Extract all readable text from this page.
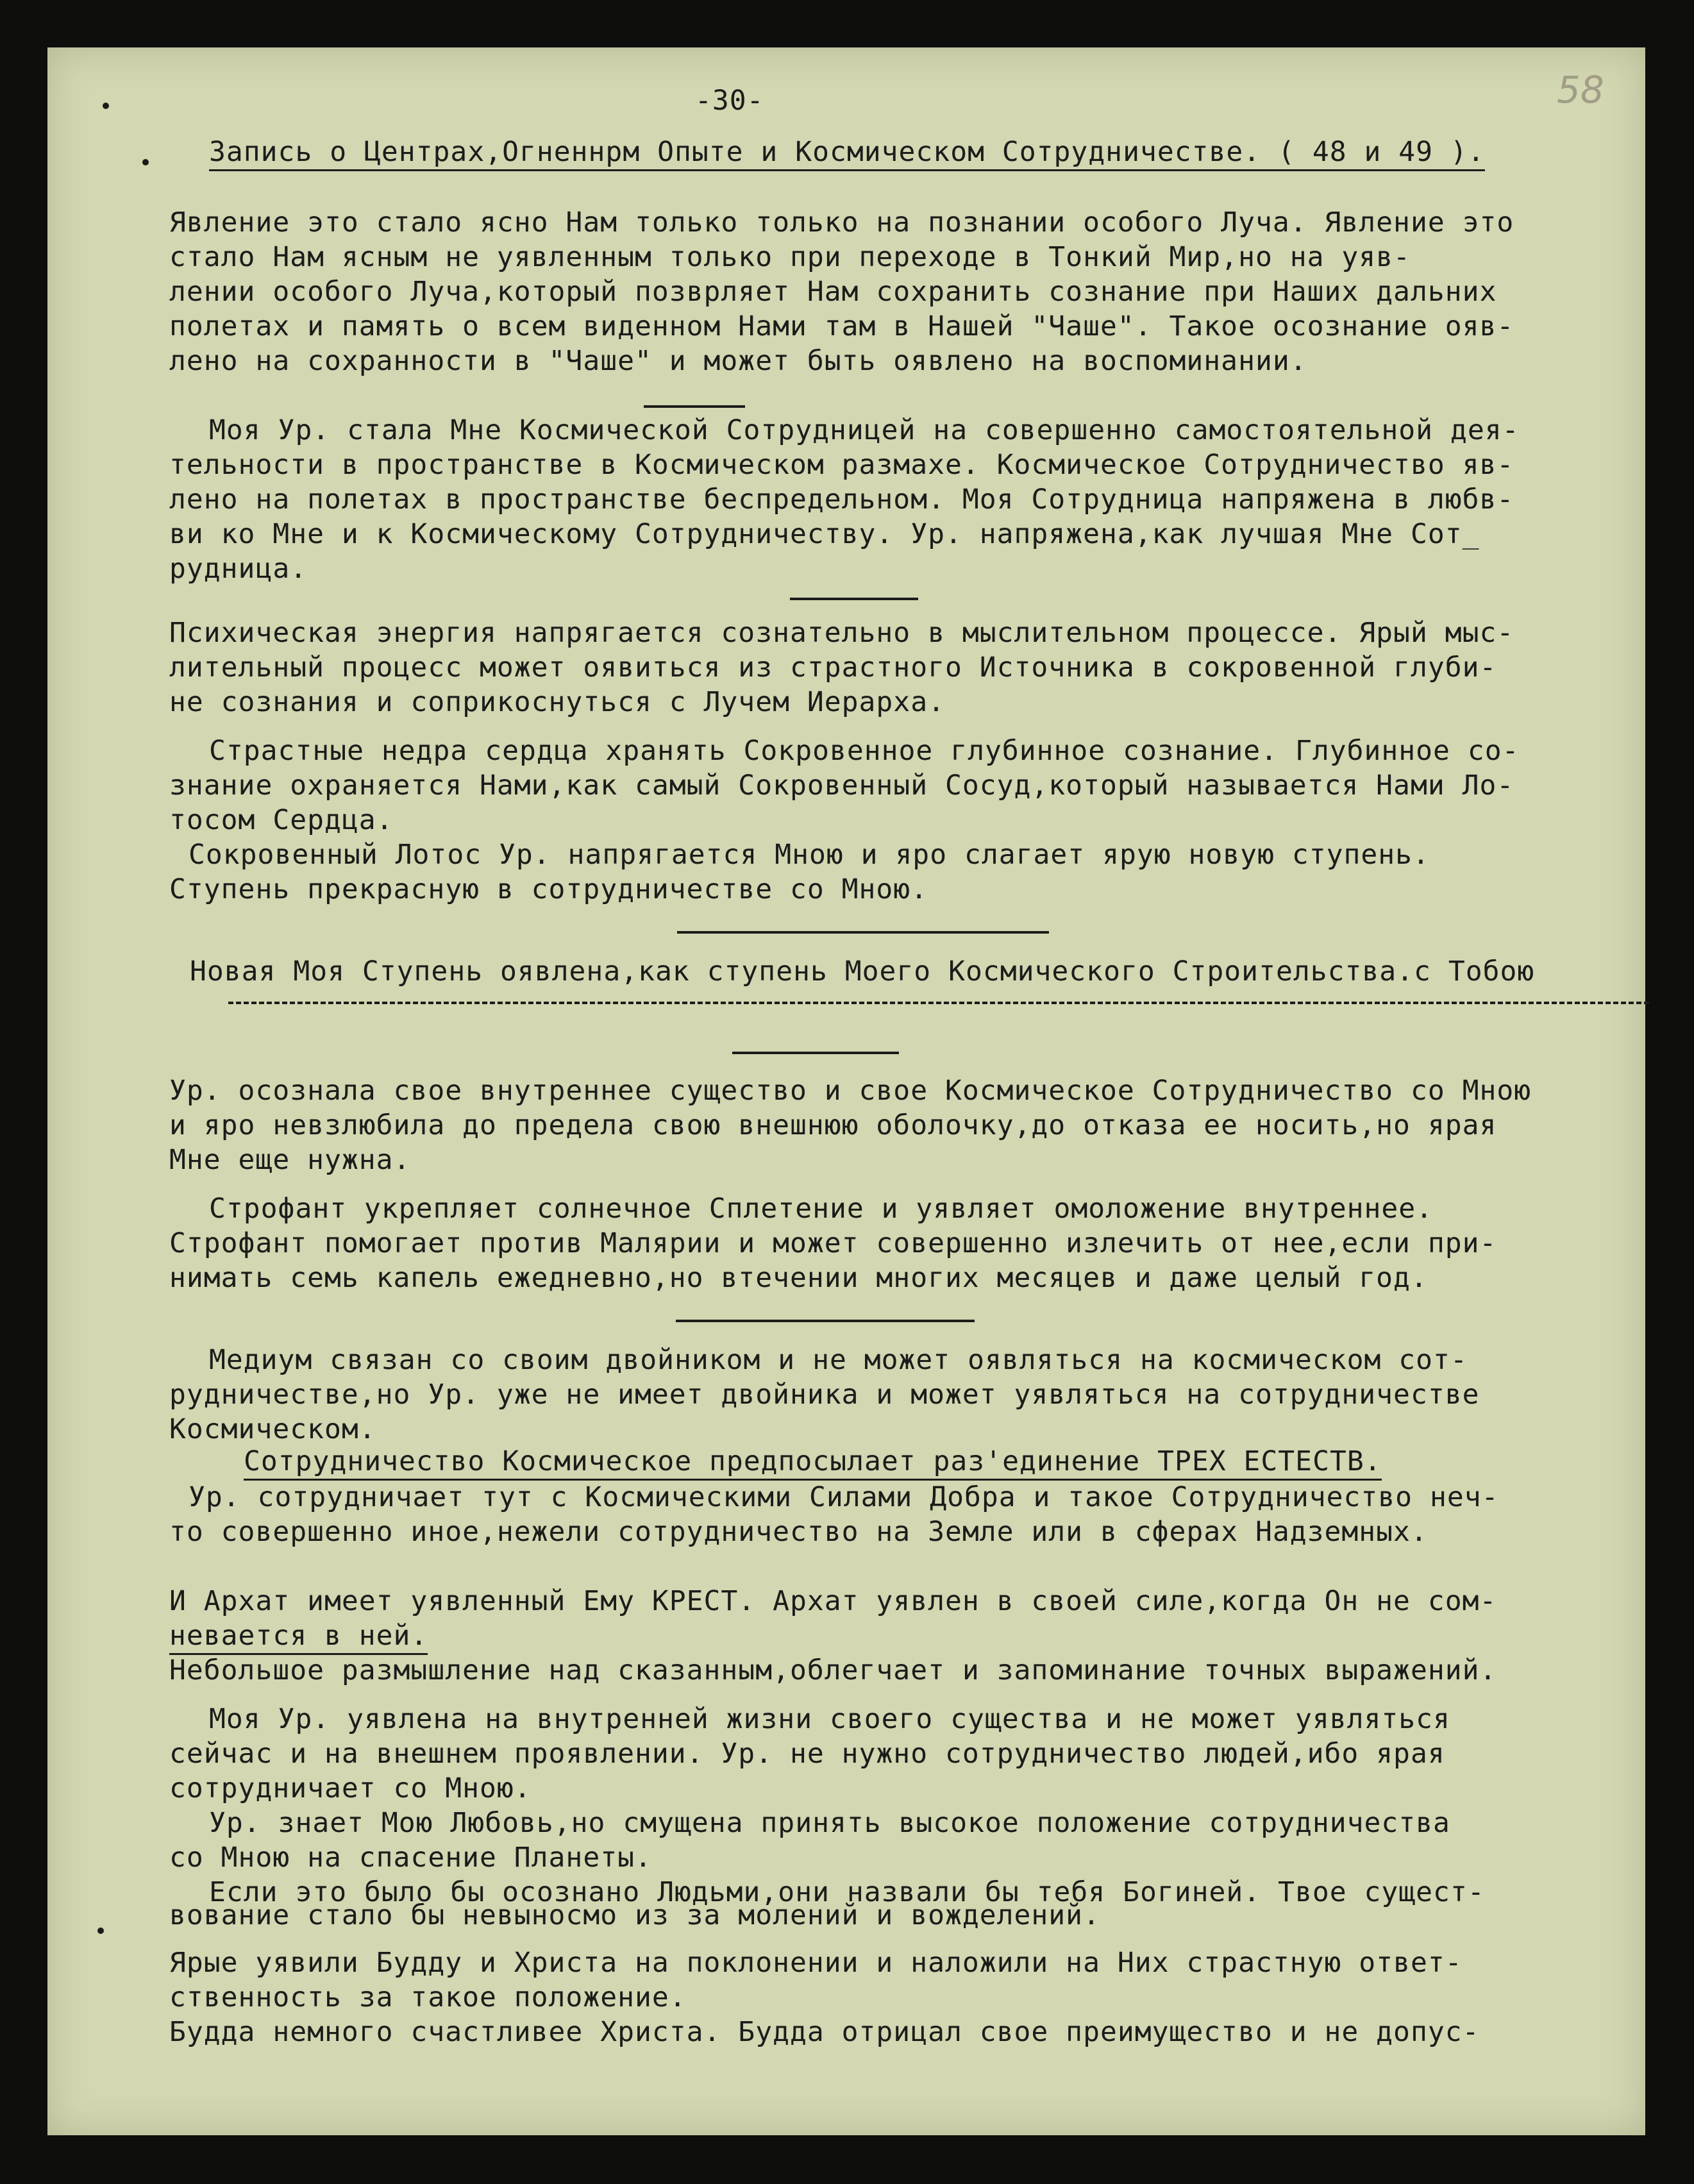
58
-30-
Запись о Центрах,Огненнрм Опыте и Космическом Сотрудничестве. ( 48 и 49 ).
Явление это стало ясно Нам только только на познании особого Луча. Явление это
стало Нам ясным не уявленным только при переходе в Тонкий Мир,но на уяв-
лении особого Луча,который позврляет Нам сохранить сознание при Наших дальних
полетах и память о всем виденном Нами там в Нашей "Чаше". Такое осознание ояв-
лено на сохранности в "Чаше" и может быть оявлено на воспоминании.
Моя Ур. стала Мне Космической Сотрудницей на совершенно самостоятельной дея-
тельности в пространстве в Космическом размахе. Космическое Сотрудничество яв-
лено на полетах в пространстве беспредельном. Моя Сотрудница напряжена в любв-
ви ко Мне и к Космическому Сотрудничеству. Ур. напряжена,как лучшая Мне Сот_
рудница.
Психическая энергия напрягается сознательно в мыслительном процессе. Ярый мыс-
лительный процесс может оявиться из страстного Источника в сокровенной глуби-
не сознания и соприкоснуться с Лучем Иерарха.
Страстные недра сердца хранять Сокровенное глубинное сознание. Глубинное со-
знание охраняется Нами,как самый Сокровенный Сосуд,который называется Нами Ло-
тосом Сердца.
Сокровенный Лотос Ур. напрягается Мною и яро слагает ярую новую ступень.
Ступень прекрасную в сотрудничестве со Мною.
Новая Моя Ступень оявлена,как ступень Моего Космического Строительства.с Тобою
Ур. осознала свое внутреннее существо и свое Космическое Сотрудничество со Мною
и яро невзлюбила до предела свою внешнюю оболочку,до отказа ее носить,но ярая
Мне еще нужна.
Строфант укрепляет солнечное Сплетение и уявляет омоложение внутреннее.
Строфант помогает против Малярии и может совершенно излечить от нее,если при-
нимать семь капель ежедневно,но втечении многих месяцев и даже целый год.
Медиум связан со своим двойником и не может оявляться на космическом сот-
рудничестве,но Ур. уже не имеет двойника и может уявляться на сотрудничестве
Космическом.
Сотрудничество Космическое предпосылает раз'единение ТРЕХ ЕСТЕСТВ.
Ур. сотрудничает тут с Космическими Силами Добра и такое Сотрудничество неч-
то совершенно иное,нежели сотрудничество на Земле или в сферах Надземных.
И Архат имеет уявленный Ему КРЕСТ. Архат уявлен в своей силе,когда Он не сом-
невается в ней.
Небольшое размышление над сказанным,облегчает и запоминание точных выражений.
Моя Ур. уявлена на внутренней жизни своего существа и не может уявляться
сейчас и на внешнем проявлении. Ур. не нужно сотрудничество людей,ибо ярая
сотрудничает со Мною.
Ур. знает Мою Любовь,но смущена принять высокое положение сотрудничества
со Мною на спасение Планеты.
Если это было бы осознано Людьми,они назвали бы тебя Богиней. Твое сущест-
вование стало бы невыносмо из за молений и вожделений.
Ярые уявили Будду и Христа на поклонении и наложили на Них страстную ответ-
ственность за такое положение.
Будда немного счастливее Христа. Будда отрицал свое преимущество и не допус-
